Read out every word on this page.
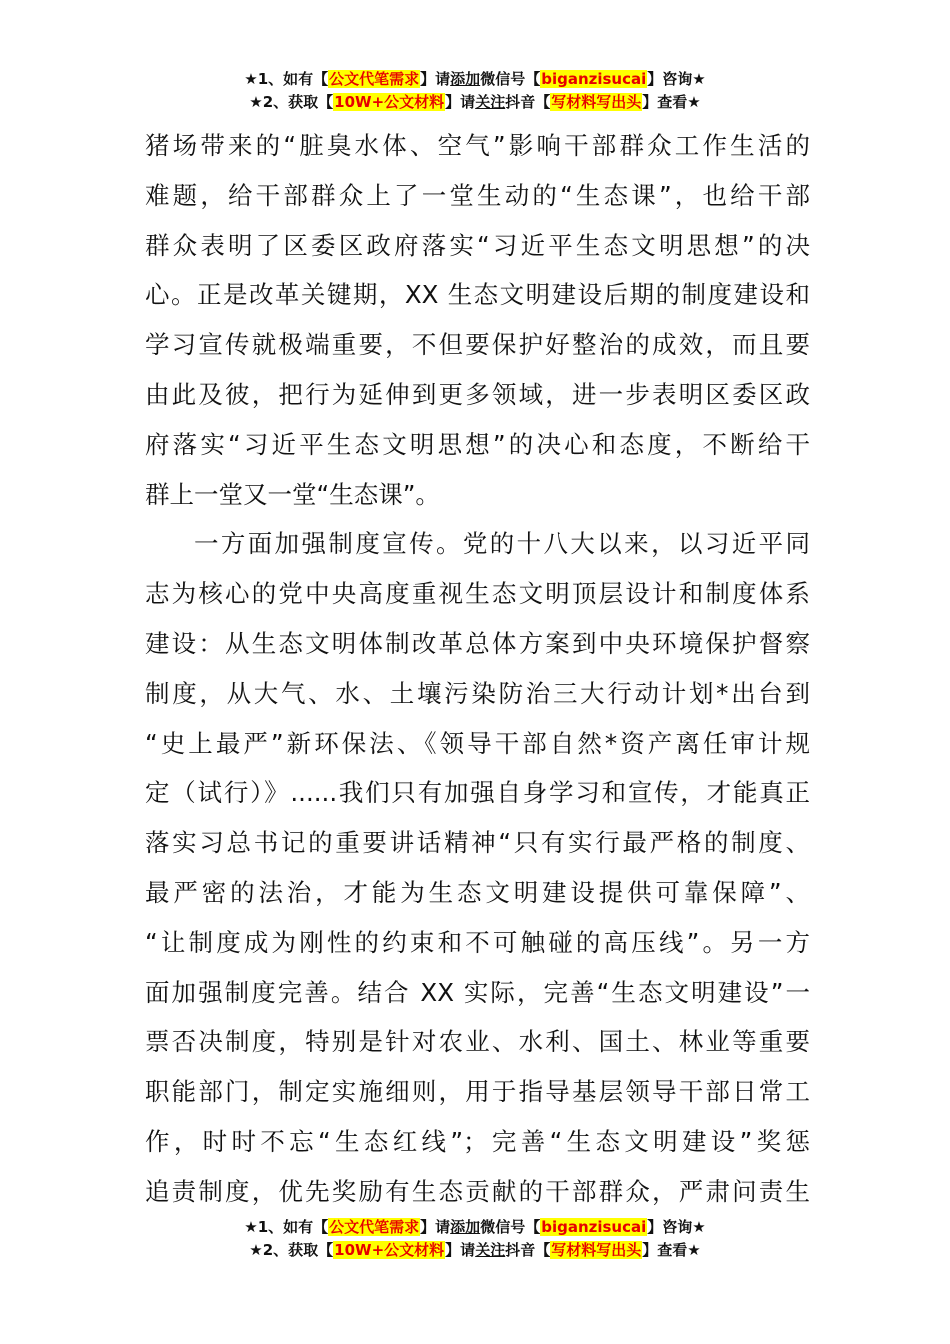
★1、如有【公文代笔需求】请添加微信号【biganzisucai】咨询★
★2、获取【10W+公文材料】请关注抖音【写材料写出头】查看★
猪场带来的“脏臭水体、空气”影响干部群众工作生活的
难题，给干部群众上了一堂生动的“生态课”，也给干部
群众表明了区委区政府落实“习近平生态文明思想”的决
心。正是改革关键期，XX 生态文明建设后期的制度建设和
学习宣传就极端重要，不但要保护好整治的成效，而且要
由此及彼，把行为延伸到更多领域，进一步表明区委区政
府落实“习近平生态文明思想”的决心和态度，不断给干
群上一堂又一堂“生态课”。
一方面加强制度宣传。党的十八大以来，以习近平同
志为核心的党中央高度重视生态文明顶层设计和制度体系
建设：从生态文明体制改革总体方案到中央环境保护督察
制度，从大气、水、土壤污染防治三大行动计划*出台到
“史上最严”新环保法、《领导干部自然*资产离任审计规
定（试行）》......我们只有加强自身学习和宣传，才能真正
落实习总书记的重要讲话精神“只有实行最严格的制度、
最严密的法治，才能为生态文明建设提供可靠保障”、
“让制度成为刚性的约束和不可触碰的高压线”。另一方
面加强制度完善。结合 XX 实际，完善“生态文明建设”一
票否决制度，特别是针对农业、水利、国土、林业等重要
职能部门，制定实施细则，用于指导基层领导干部日常工
作，时时不忘“生态红线”；完善“生态文明建设”奖惩
追责制度，优先奖励有生态贡献的干部群众，严肃问责生
★1、如有【公文代笔需求】请添加微信号【biganzisucai】咨询★
★2、获取【10W+公文材料】请关注抖音【写材料写出头】查看★
